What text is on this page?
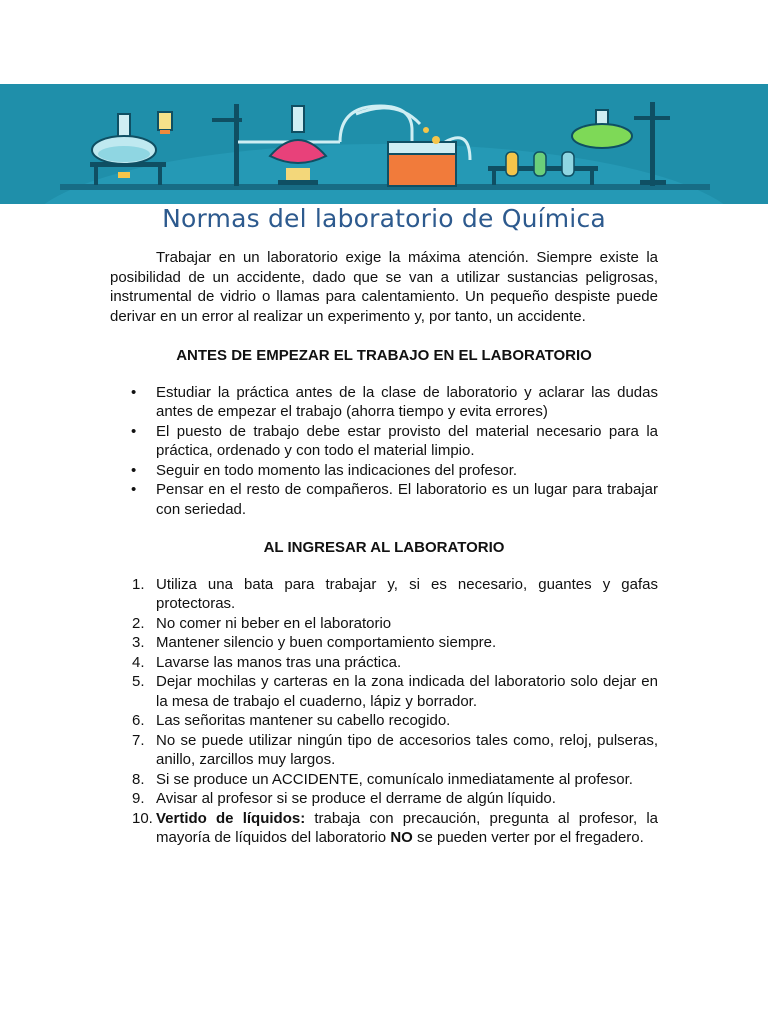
Normas del laboratorio de Química

Trabajar en un laboratorio exige la máxima atención. Siempre existe la posibilidad de un accidente, dado que se van a utilizar sustancias peligrosas, instrumental de vidrio o llamas para calentamiento. Un pequeño despiste puede derivar en un error al realizar un experimento y, por tanto, un accidente.

ANTES DE EMPEZAR EL TRABAJO EN EL LABORATORIO

• Estudiar la práctica antes de la clase de laboratorio y aclarar las dudas antes de empezar el trabajo (ahorra tiempo y evita errores)
• El puesto de trabajo debe estar provisto del material necesario para la práctica, ordenado y con todo el material limpio.
• Seguir en todo momento las indicaciones del profesor.
• Pensar en el resto de compañeros. El laboratorio es un lugar para trabajar con seriedad.

AL INGRESAR AL LABORATORIO

1. Utiliza una bata para trabajar y, si es necesario, guantes y gafas protectoras.
2. No comer ni beber en el laboratorio
3. Mantener silencio y buen comportamiento siempre.
4. Lavarse las manos tras una práctica.
5. Dejar mochilas y carteras en la zona indicada del laboratorio solo dejar en la mesa de trabajo el cuaderno, lápiz y borrador.
6. Las señoritas mantener su cabello recogido.
7. No se puede utilizar ningún tipo de accesorios tales como, reloj, pulseras, anillo, zarcillos muy largos.
8. Si se produce un ACCIDENTE, comunícalo inmediatamente al profesor.
9. Avisar al profesor si se produce el derrame de algún líquido.
10. Vertido de líquidos: trabaja con precaución, pregunta al profesor, la mayoría de líquidos del laboratorio NO se pueden verter por el fregadero.
